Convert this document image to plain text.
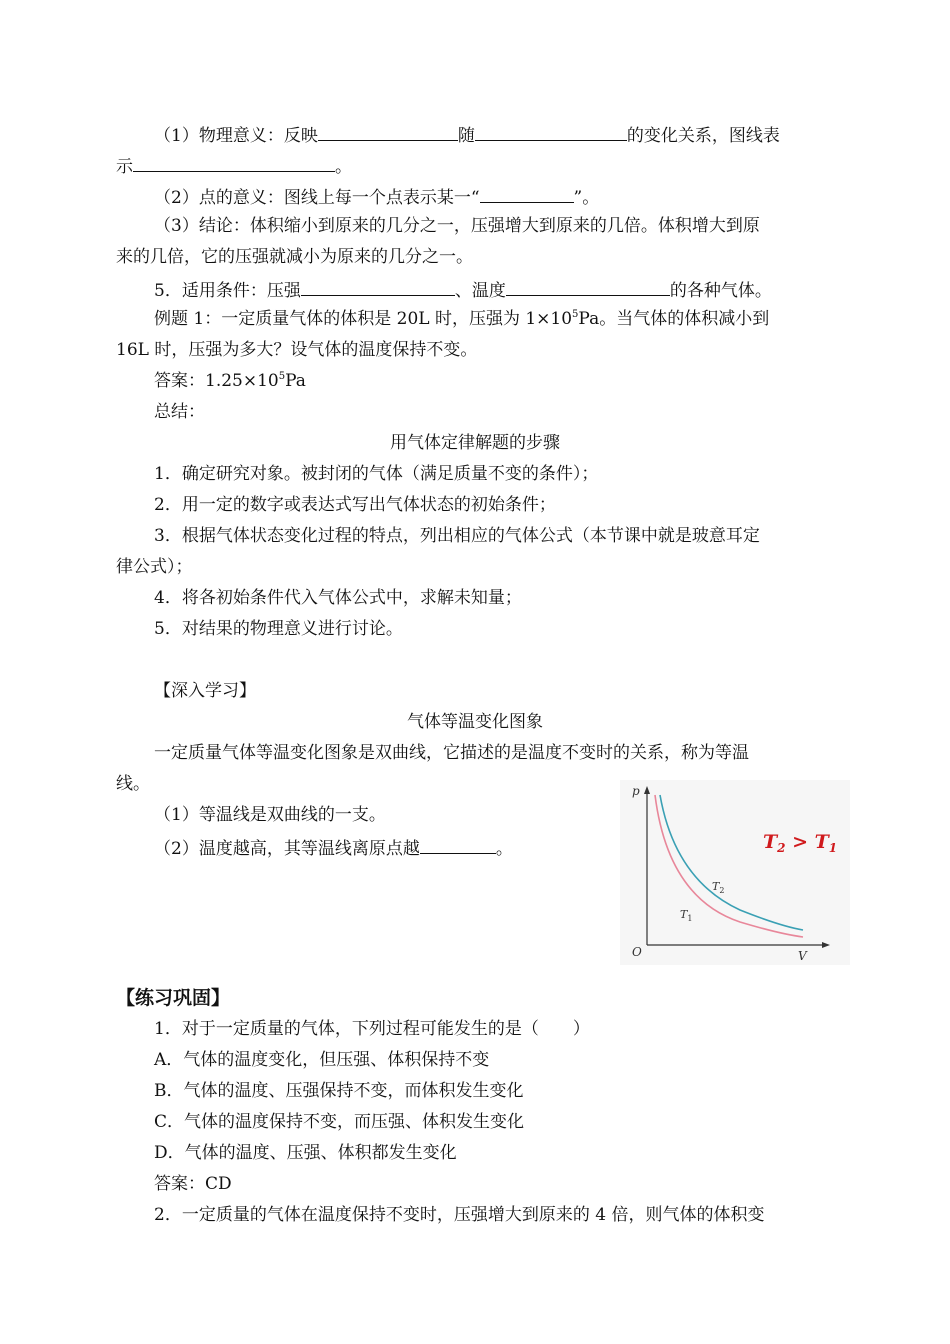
（1）物理意义：反映	随	的变化关系，图线表
示	。
（2）点的意义：图线上每一个点表示某一“	”。
（3）结论：体积缩小到原来的几分之一，压强增大到原来的几倍。体积增大到原
来的几倍，它的压强就减小为原来的几分之一。
5．适用条件：压强	、温度	的各种气体。
例题 1：一定质量气体的体积是 20L 时，压强为 $1\times 10^5Pa$。当气体的体积减小到
16L 时，压强为多大？设气体的温度保持不变。
答案：$1.25\times 10^5Pa$
总结：
用气体定律解题的步骤
1．确定研究对象。被封闭的气体（满足质量不变的条件）；
2．用一定的数字或表达式写出气体状态的初始条件；
3．根据气体状态变化过程的特点，列出相应的气体公式（本节课中就是玻意耳定
律公式）；
4．将各初始条件代入气体公式中，求解未知量；
5．对结果的物理意义进行讨论。
【深入学习】
气体等温变化图象
一定质量气体等温变化图象是双曲线，它描述的是温度不变时的关系，称为等温
线。
（1）等温线是双曲线的一支。
（2）温度越高，其等温线离原点越	。
p
V
O
$T_2$
$T_1$
$T_2 > T_1$
【练习巩固】
1．对于一定质量的气体，下列过程可能发生的是（　　）
A．气体的温度变化，但压强、体积保持不变
B．气体的温度、压强保持不变，而体积发生变化
C．气体的温度保持不变，而压强、体积发生变化
D．气体的温度、压强、体积都发生变化
答案：CD
2．一定质量的气体在温度保持不变时，压强增大到原来的 4 倍，则气体的体积变
